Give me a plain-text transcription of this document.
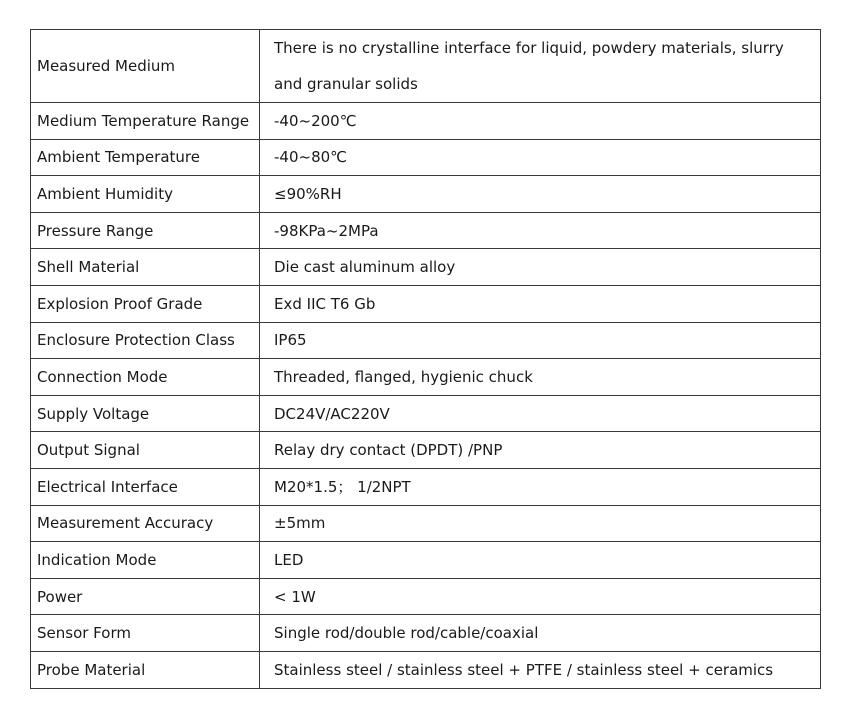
Measured Medium	There is no crystalline interface for liquid, powdery materials, slurry and granular solids
Medium Temperature Range	-40~200℃
Ambient Temperature	-40~80℃
Ambient Humidity	≤90%RH
Pressure Range	-98KPa~2MPa
Shell Material	Die cast aluminum alloy
Explosion Proof Grade	Exd IIC T6 Gb
Enclosure Protection Class	IP65
Connection Mode	Threaded, flanged, hygienic chuck
Supply Voltage	DC24V/AC220V
Output Signal	Relay dry contact (DPDT) /PNP
Electrical Interface	M20*1.5； 1/2NPT
Measurement Accuracy	±5mm
Indication Mode	LED
Power	< 1W
Sensor Form	Single rod/double rod/cable/coaxial
Probe Material	Stainless steel / stainless steel + PTFE / stainless steel + ceramics
